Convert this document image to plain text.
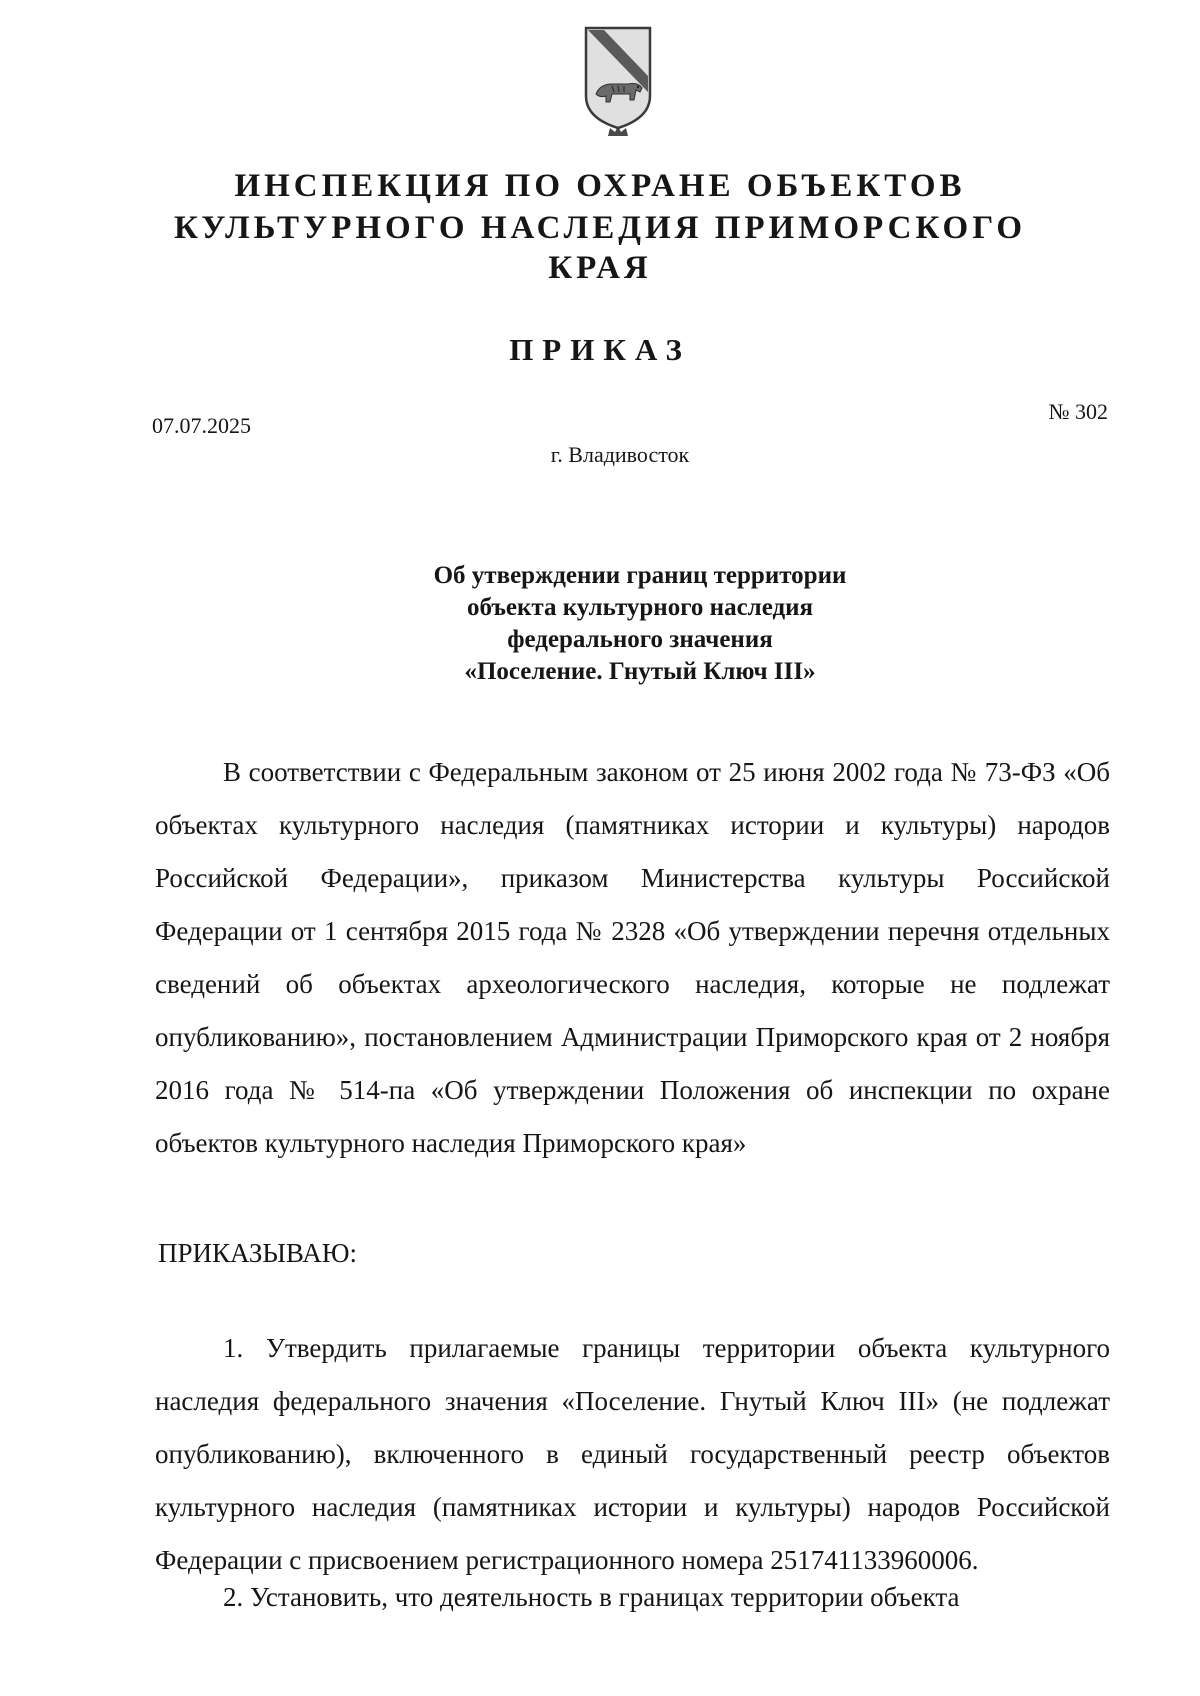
ИНСПЕКЦИЯ ПО ОХРАНЕ ОБЪЕКТОВ
КУЛЬТУРНОГО НАСЛЕДИЯ ПРИМОРСКОГО КРАЯ
ПРИКАЗ
07.07.2025
№ 302
г. Владивосток
Об утверждении границ территории
объекта культурного наследия
федерального значения
«Поселение. Гнутый Ключ III»

В соответствии с Федеральным законом от 25 июня 2002 года № 73-ФЗ «Об объектах культурного наследия (памятниках истории и культуры) народов Российской Федерации», приказом Министерства культуры Российской Федерации от 1 сентября 2015 года № 2328 «Об утверждении перечня отдельных сведений об объектах археологического наследия, которые не подлежат опубликованию», постановлением Администрации Приморского края от 2 ноября 2016 года № 514-па «Об утверждении Положения об инспекции по охране объектов культурного наследия Приморского края»

ПРИКАЗЫВАЮ:

1. Утвердить прилагаемые границы территории объекта культурного наследия федерального значения «Поселение. Гнутый Ключ III» (не подлежат опубликованию), включенного в единый государственный реестр объектов культурного наследия (памятниках истории и культуры) народов Российской Федерации с присвоением регистрационного номера 251741133960006.

2. Установить, что деятельность в границах территории объекта
